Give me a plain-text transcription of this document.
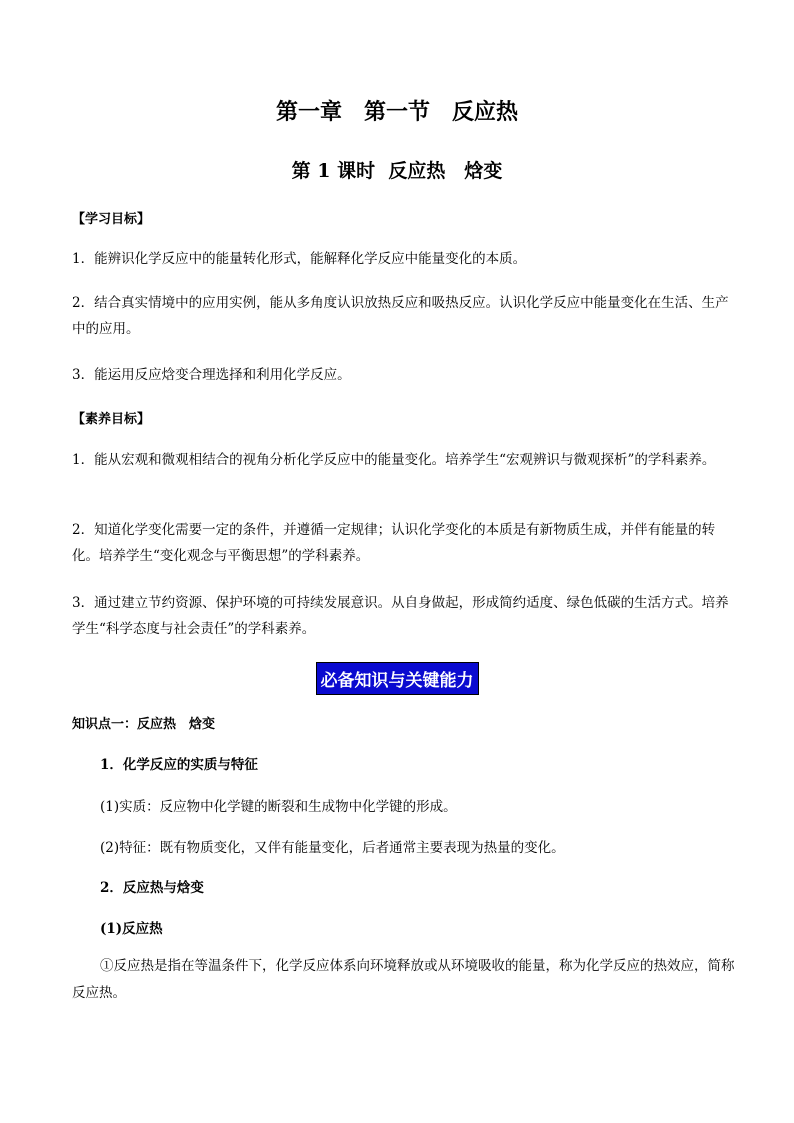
第一章　第一节　反应热
第 1 课时  反应热　焓变
【学习目标】
1．能辨识化学反应中的能量转化形式，能解释化学反应中能量变化的本质。
2．结合真实情境中的应用实例，能从多角度认识放热反应和吸热反应。认识化学反应中能量变化在生活、生产中的应用。
3．能运用反应焓变合理选择和利用化学反应。
【素养目标】
1．能从宏观和微观相结合的视角分析化学反应中的能量变化。培养学生“宏观辨识与微观探析”的学科素养。
2．知道化学变化需要一定的条件，并遵循一定规律；认识化学变化的本质是有新物质生成，并伴有能量的转化。培养学生“变化观念与平衡思想”的学科素养。
3．通过建立节约资源、保护环境的可持续发展意识。从自身做起，形成简约适度、绿色低碳的生活方式。培养学生“科学态度与社会责任”的学科素养。
必备知识与关键能力
知识点一：反应热　焓变
1．化学反应的实质与特征
(1)实质：反应物中化学键的断裂和生成物中化学键的形成。
(2)特征：既有物质变化，又伴有能量变化，后者通常主要表现为热量的变化。
2．反应热与焓变
(1)反应热
①反应热是指在等温条件下，化学反应体系向环境释放或从环境吸收的能量，称为化学反应的热效应，简称反应热。
